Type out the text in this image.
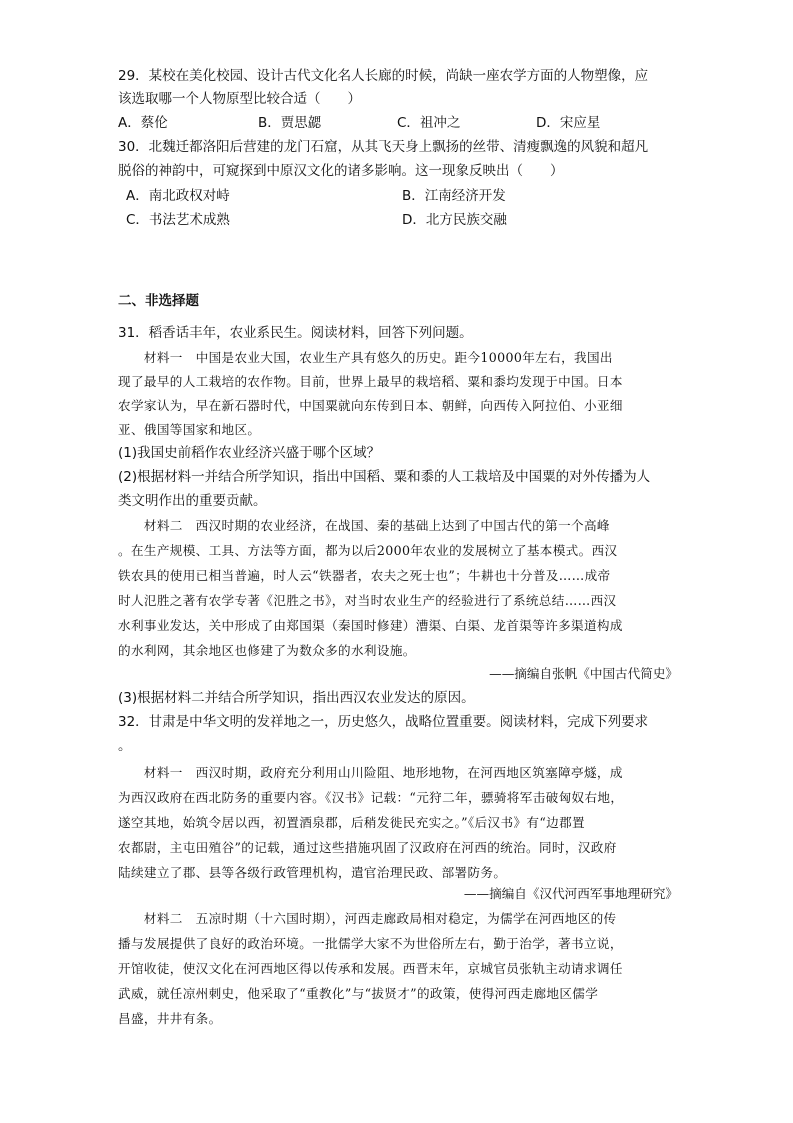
29．某校在美化校园、设计古代文化名人长廊的时候，尚缺一座农学方面的人物塑像，应
该选取哪一个人物原型比较合适（　　）
A．蔡伦	B．贾思勰	C．祖冲之	D．宋应星
30．北魏迁都洛阳后营建的龙门石窟，从其飞天身上飘扬的丝带、清瘦飘逸的风貌和超凡
脱俗的神韵中，可窥探到中原汉文化的诸多影响。这一现象反映出（　　）
A．南北政权对峙	B．江南经济开发
C．书法艺术成熟	D．北方民族交融
二、非选择题
31．稻香话丰年，农业系民生。阅读材料，回答下列问题。
　　材料一　中国是农业大国，农业生产具有悠久的历史。距今10000年左右，我国出
现了最早的人工栽培的农作物。目前，世界上最早的栽培稻、粟和黍均发现于中国。日本
农学家认为，早在新石器时代，中国粟就向东传到日本、朝鲜，向西传入阿拉伯、小亚细
亚、俄国等国家和地区。
(1)我国史前稻作农业经济兴盛于哪个区域？
(2)根据材料一并结合所学知识，指出中国稻、粟和黍的人工栽培及中国粟的对外传播为人
类文明作出的重要贡献。
　　材料二　西汉时期的农业经济，在战国、秦的基础上达到了中国古代的第一个高峰
。在生产规模、工具、方法等方面，都为以后2000年农业的发展树立了基本模式。西汉
铁农具的使用已相当普遍，时人云“铁器者，农夫之死士也”；牛耕也十分普及……成帝
时人氾胜之著有农学专著《氾胜之书》，对当时农业生产的经验进行了系统总结……西汉
水利事业发达，关中形成了由郑国渠（秦国时修建）漕渠、白渠、龙首渠等许多渠道构成
的水利网，其余地区也修建了为数众多的水利设施。
——摘编自张帆《中国古代简史》
(3)根据材料二并结合所学知识，指出西汉农业发达的原因。
32．甘肃是中华文明的发祥地之一，历史悠久，战略位置重要。阅读材料，完成下列要求
。
　　材料一　西汉时期，政府充分利用山川险阻、地形地物，在河西地区筑塞障亭燧，成
为西汉政府在西北防务的重要内容。《汉书》记载：“元狩二年，骠骑将军击破匈奴右地，
遂空其地，始筑令居以西，初置酒泉郡，后稍发徙民充实之。”《后汉书》有“边郡置
农都尉，主屯田殖谷”的记载，通过这些措施巩固了汉政府在河西的统治。同时，汉政府
陆续建立了郡、县等各级行政管理机构，遣官治理民政、部署防务。
——摘编自《汉代河西军事地理研究》
　　材料二　五凉时期（十六国时期），河西走廊政局相对稳定，为儒学在河西地区的传
播与发展提供了良好的政治环境。一批儒学大家不为世俗所左右，勤于治学，著书立说，
开馆收徒，使汉文化在河西地区得以传承和发展。西晋末年，京城官员张轨主动请求调任
武威，就任凉州刺史，他采取了“重教化”与“拔贤才”的政策，使得河西走廊地区儒学
昌盛，井井有条。
